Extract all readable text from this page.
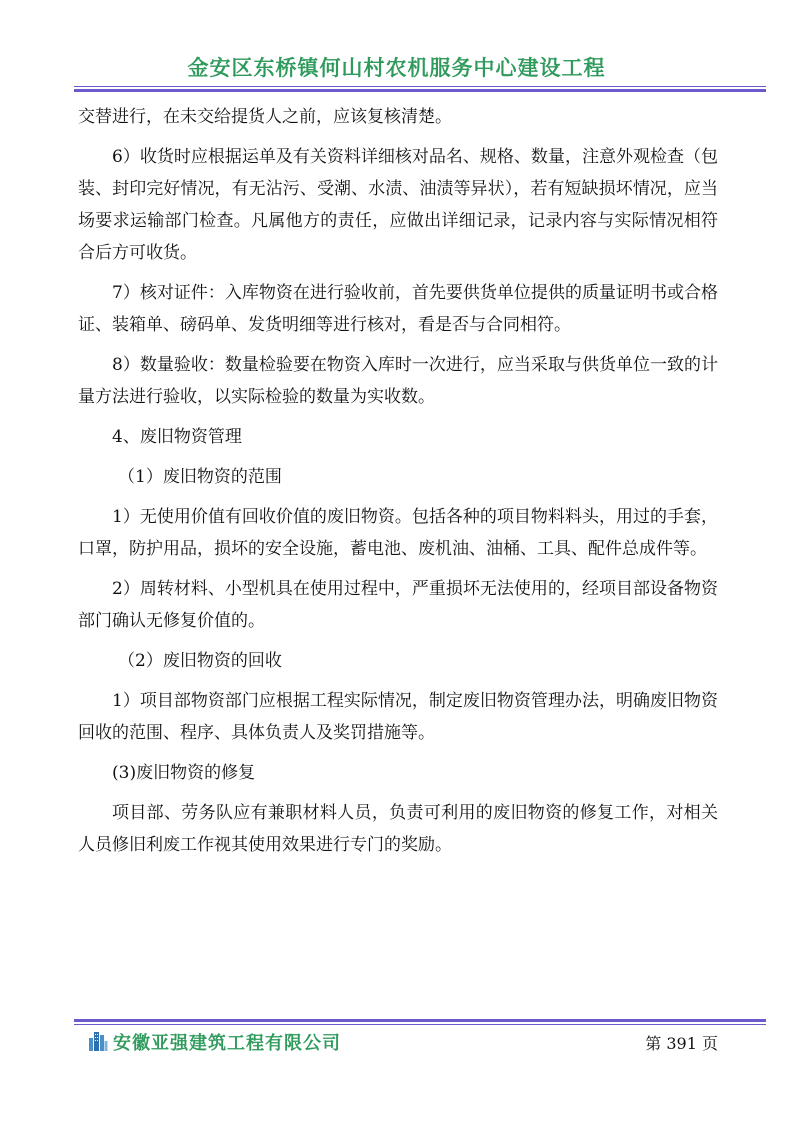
金安区东桥镇何山村农机服务中心建设工程

交替进行，在未交给提货人之前，应该复核清楚。

6）收货时应根据运单及有关资料详细核对品名、规格、数量，注意外观检查（包装、封印完好情况，有无沾污、受潮、水渍、油渍等异状），若有短缺损坏情况，应当场要求运输部门检查。凡属他方的责任，应做出详细记录，记录内容与实际情况相符合后方可收货。

7）核对证件：入库物资在进行验收前，首先要供货单位提供的质量证明书或合格证、装箱单、磅码单、发货明细等进行核对，看是否与合同相符。

8）数量验收：数量检验要在物资入库时一次进行，应当采取与供货单位一致的计量方法进行验收，以实际检验的数量为实收数。

4、废旧物资管理

（1）废旧物资的范围

1）无使用价值有回收价值的废旧物资。包括各种的项目物料料头，用过的手套，口罩，防护用品，损坏的安全设施，蓄电池、废机油、油桶、工具、配件总成件等。

2）周转材料、小型机具在使用过程中，严重损坏无法使用的，经项目部设备物资部门确认无修复价值的。

（2）废旧物资的回收

1）项目部物资部门应根据工程实际情况，制定废旧物资管理办法，明确废旧物资回收的范围、程序、具体负责人及奖罚措施等。

(3)废旧物资的修复

项目部、劳务队应有兼职材料人员，负责可利用的废旧物资的修复工作，对相关人员修旧利废工作视其使用效果进行专门的奖励。

安徽亚强建筑工程有限公司	第 391 页
